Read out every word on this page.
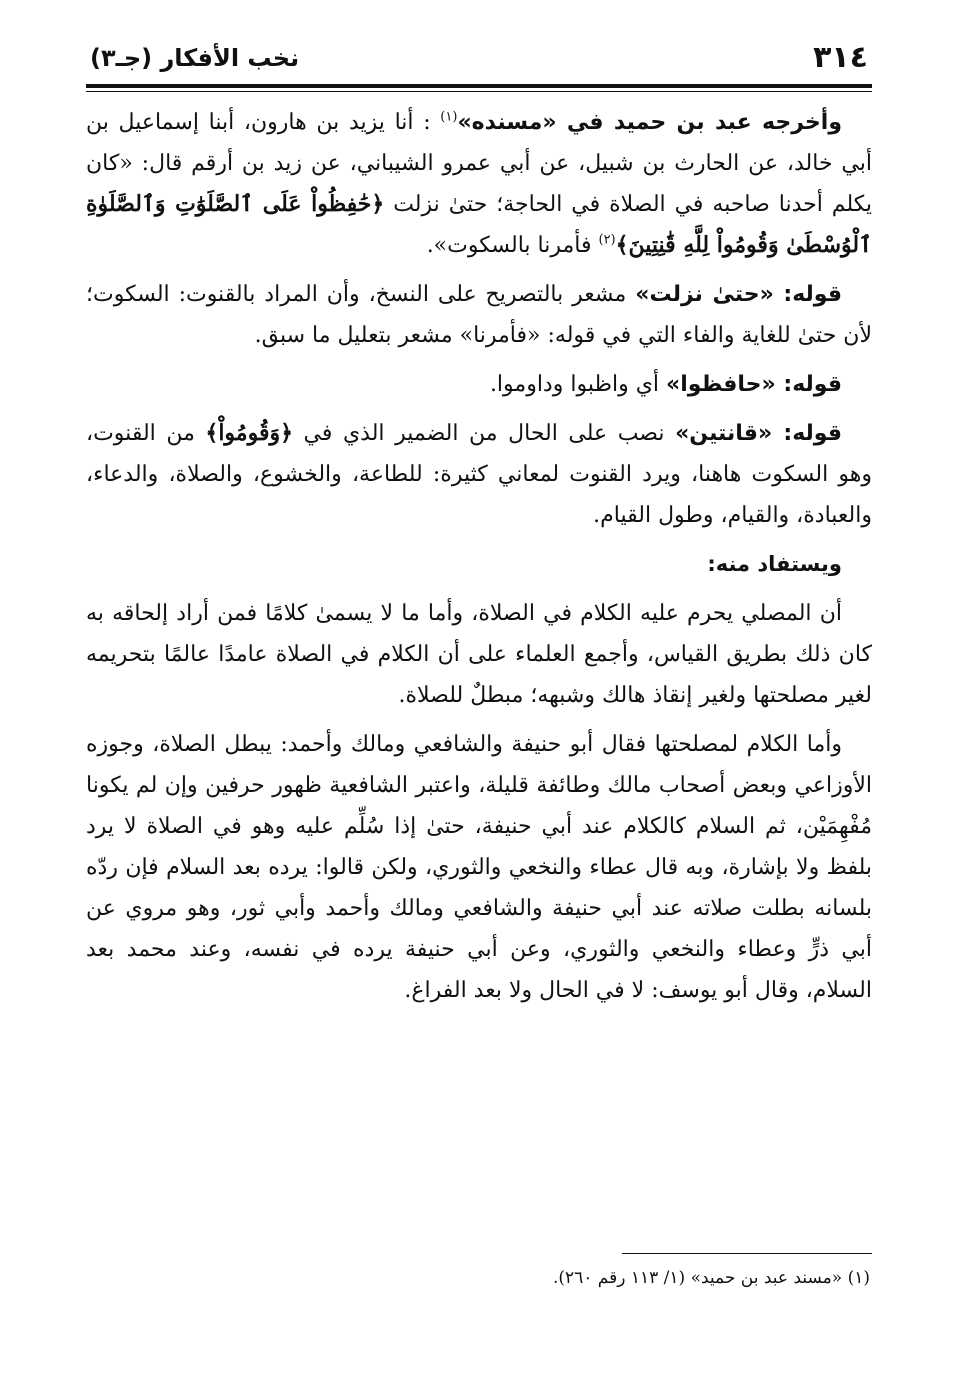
٣١٤
نخب الأفكار (جـ٣)

وأخرجه عبد بن حميد في «مسنده»$^{(١)}$ : أنا يزيد بن هارون، أبنا إسماعيل بن أبي خالد، عن الحارث بن شبيل، عن أبي عمرو الشيباني، عن زيد بن أرقم قال: «كان يكلم أحدنا صاحبه في الصلاة في الحاجة؛ حتىٰ نزلت ﴿حَٰفِظُواْ عَلَى ٱلصَّلَوَٰتِ وَٱلصَّلَوٰةِ ٱلْوُسْطَىٰ وَقُومُواْ لِلَّهِ قَٰنِتِينَ﴾$^{(٢)}$ فأمرنا بالسكوت».

قوله: «حتىٰ نزلت» مشعر بالتصريح على النسخ، وأن المراد بالقنوت: السكوت؛ لأن حتىٰ للغاية والفاء التي في قوله: «فأمرنا» مشعر بتعليل ما سبق.

قوله: «حافظوا» أي واظبوا وداوموا.

قوله: «قانتين» نصب على الحال من الضمير الذي في ﴿وَقُومُواْ﴾ من القنوت، وهو السكوت هاهنا، ويرد القنوت لمعاني كثيرة: للطاعة، والخشوع، والصلاة، والدعاء، والعبادة، والقيام، وطول القيام.

ويستفاد منه:

أن المصلي يحرم عليه الكلام في الصلاة، وأما ما لا يسمىٰ كلامًا فمن أراد إلحاقه به كان ذلك بطريق القياس، وأجمع العلماء على أن الكلام في الصلاة عامدًا عالمًا بتحريمه لغير مصلحتها ولغير إنقاذ هالك وشبهه؛ مبطلٌ للصلاة.

وأما الكلام لمصلحتها فقال أبو حنيفة والشافعي ومالك وأحمد: يبطل الصلاة، وجوزه الأوزاعي وبعض أصحاب مالك وطائفة قليلة، واعتبر الشافعية ظهور حرفين وإن لم يكونا مُفْهِمَيْن، ثم السلام كالكلام عند أبي حنيفة، حتىٰ إذا سُلِّم عليه وهو في الصلاة لا يرد بلفظ ولا بإشارة، وبه قال عطاء والنخعي والثوري، ولكن قالوا: يرده بعد السلام فإن ردّه بلسانه بطلت صلاته عند أبي حنيفة والشافعي ومالك وأحمد وأبي ثور، وهو مروي عن أبي ذرٍّ وعطاء والنخعي والثوري، وعن أبي حنيفة يرده في نفسه، وعند محمد بعد السلام، وقال أبو يوسف: لا في الحال ولا بعد الفراغ.

(١) «مسند عبد بن حميد» (١/ ١١٣ رقم ٢٦٠).
